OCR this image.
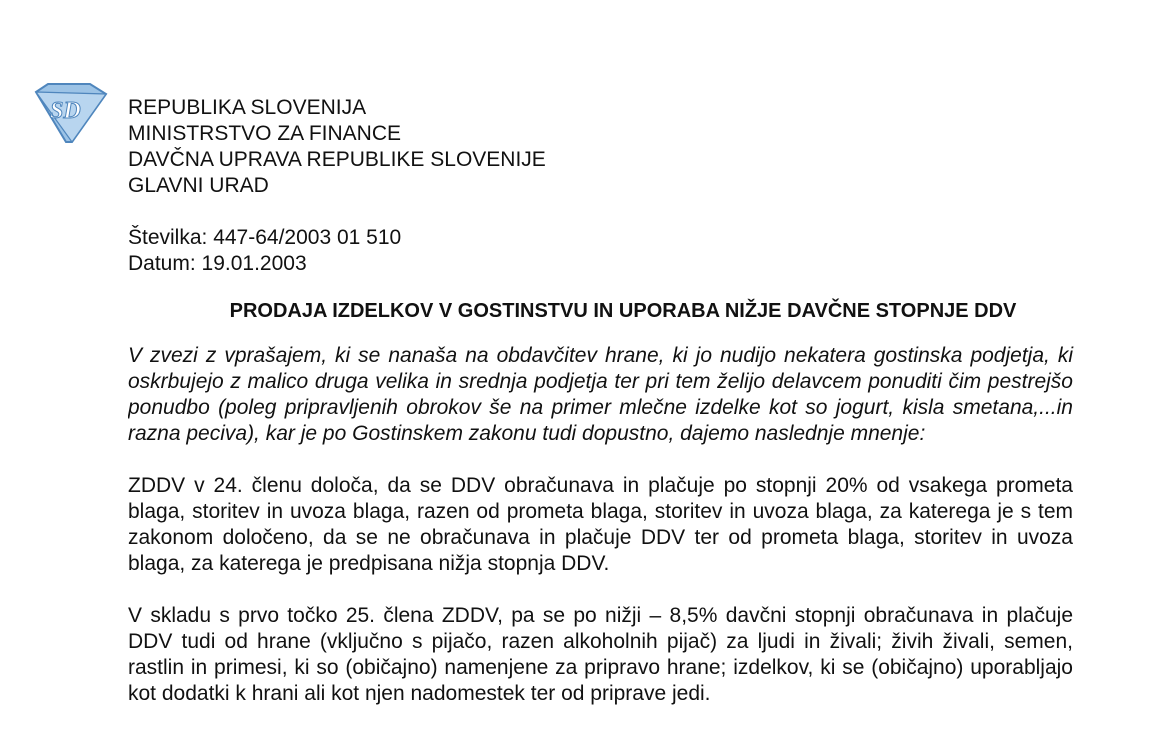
SD REPUBLIKA SLOVENIJA
MINISTRSTVO ZA FINANCE
DAVČNA UPRAVA REPUBLIKE SLOVENIJE
GLAVNI URAD
Številka: 447-64/2003 01 510
Datum: 19.01.2003
PRODAJA IZDELKOV V GOSTINSTVU IN UPORABA NIŽJE DAVČNE STOPNJE DDV
V zvezi z vprašajem, ki se nanaša na obdavčitev hrane, ki jo nudijo nekatera gostinska podjetja, ki oskrbujejo z malico druga velika in srednja podjetja ter pri tem želijo delavcem ponuditi čim pestrejšo ponudbo (poleg pripravljenih obrokov še na primer mlečne izdelke kot so jogurt, kisla smetana,...in razna peciva), kar je po Gostinskem zakonu tudi dopustno, dajemo naslednje mnenje:
ZDDV v 24. členu določa, da se DDV obračunava in plačuje po stopnji 20% od vsakega prometa blaga, storitev in uvoza blaga, razen od prometa blaga, storitev in uvoza blaga, za katerega je s tem zakonom določeno, da se ne obračunava in plačuje DDV ter od prometa blaga, storitev in uvoza blaga, za katerega je predpisana nižja stopnja DDV.
V skladu s prvo točko 25. člena ZDDV, pa se po nižji – 8,5% davčni stopnji obračunava in plačuje DDV tudi od hrane (vključno s pijačo, razen alkoholnih pijač) za ljudi in živali; živih živali, semen, rastlin in primesi, ki so (običajno) namenjene za pripravo hrane; izdelkov, ki se (običajno) uporabljajo kot dodatki k hrani ali kot njen nadomestek ter od priprave jedi.
